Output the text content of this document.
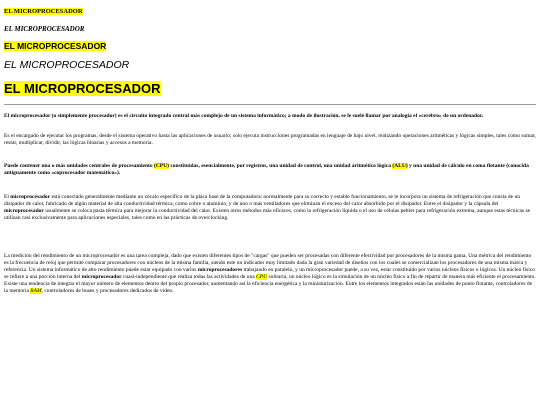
EL MICROPROCESADOR
EL MICROPROCESADOR
EL MICROPROCESADOR
EL MICROPROCESADOR
EL MICROPROCESADOR

El microprocesador (o simplemente procesador) es el circuito integrado central más complejo de un sistema informático; a modo de ilustración, se le suele llamar por analogía el «cerebro» de un ordenador.

Es el encargado de ejecutar los programas, desde el sistema operativo hasta las aplicaciones de usuario; solo ejecuta instrucciones programadas en lenguaje de bajo nivel, realizando operaciones aritméticas y lógicas simples, tales como sumar, restar, multiplicar, dividir, las lógicas binarias y accesos a memoria.

Puede contener una o más unidades centrales de procesamiento (CPU) constituidas, esencialmente, por registros, una unidad de control, una unidad aritmético lógica (ALU) y una unidad de cálculo en coma flotante (conocida antiguamente como «coprocesador matemático»).

El microprocesador está conectado generalmente mediante un zócalo específico de la placa base de la computadora; normalmente para su correcto y estable funcionamiento, se le incorpora un sistema de refrigeración que consta de un disipador de calor, fabricado de algún material de alta conductividad térmica, como cobre o aluminio, y de uno o más ventiladores que eliminan el exceso del calor absorbido por el disipador. Entre el disipador y la cápsula del microprocesador usualmente se coloca pasta térmica para mejorar la conductividad del calor. Existen otros métodos más eficaces, como la refrigeración líquida o el uso de células peltier para refrigeración extrema, aunque estas técnicas se utilizan casi exclusivamente para aplicaciones especiales, tales como en las prácticas de overclocking.

La medición del rendimiento de un microprocesador es una tarea compleja, dado que existen diferentes tipos de "cargas" que pueden ser procesadas con diferente efectividad por procesadores de la misma gama. Una métrica del rendimiento es la frecuencia de reloj que permite comparar procesadores con núcleos de la misma familia, siendo este un indicador muy limitado dada la gran variedad de diseños con los cuales se comercializan los procesadores de una misma marca y referencia. Un sistema informático de alto rendimiento puede estar equipado con varios microprocesadores trabajando en paralelo, y un microprocesador puede, a su vez, estar constituido por varios núcleos físicos o lógicos. Un núcleo físico se refiere a una porción interna del microprocesador cuasi-independiente que realiza todas las actividades de una CPU solitaria, un núcleo lógico es la simulación de un núcleo físico a fin de repartir de manera más eficiente el procesamiento. Existe una tendencia de integrar el mayor número de elementos dentro del propio procesador, aumentando así la eficiencia energética y la miniaturización. Entre los elementos integrados están las unidades de punto flotante, controladores de la memoria RAM, controladores de buses y procesadores dedicados de video.
